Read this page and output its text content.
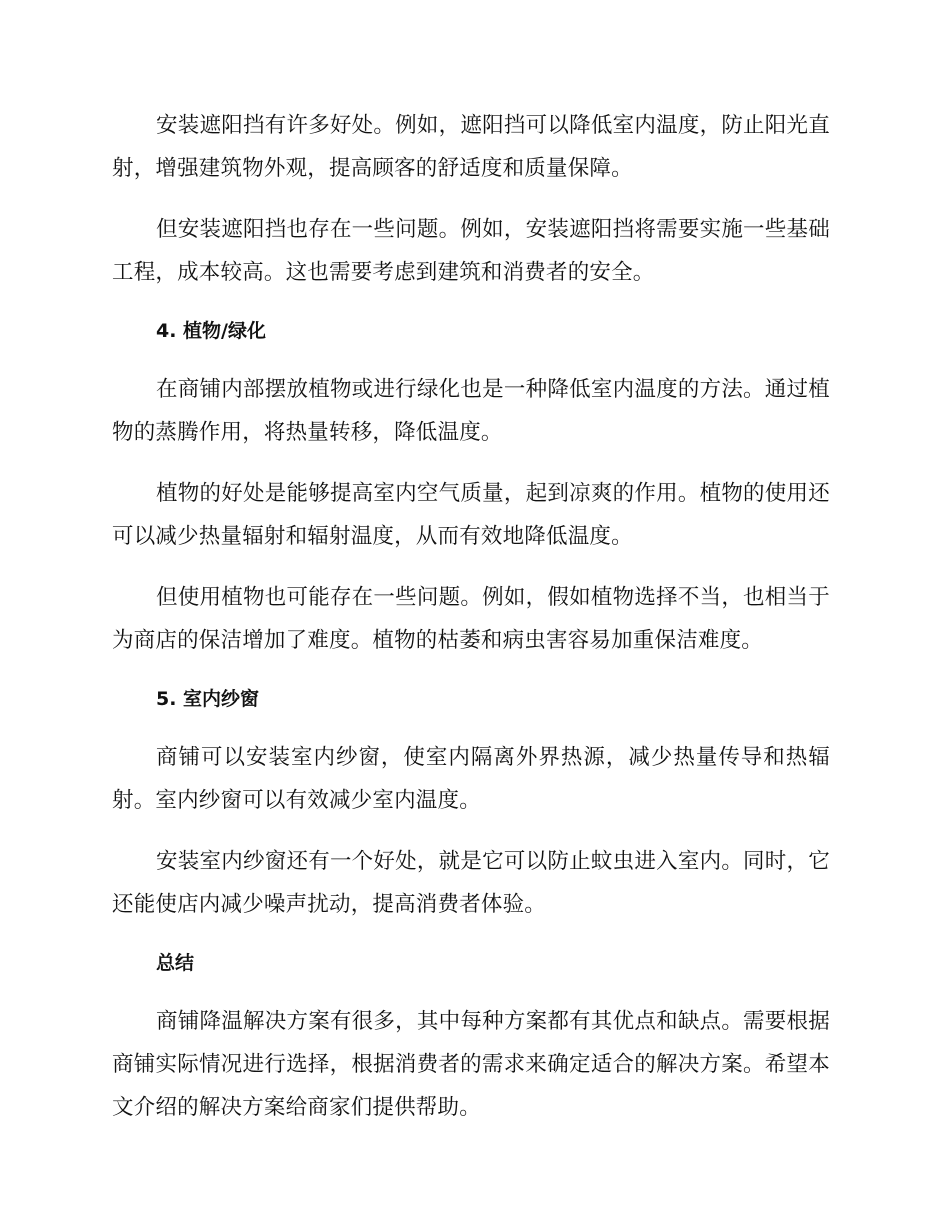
安装遮阳挡有许多好处。例如，遮阳挡可以降低室内温度，防止阳光直射，增强建筑物外观，提高顾客的舒适度和质量保障。

但安装遮阳挡也存在一些问题。例如，安装遮阳挡将需要实施一些基础工程，成本较高。这也需要考虑到建筑和消费者的安全。

4. 植物/绿化

在商铺内部摆放植物或进行绿化也是一种降低室内温度的方法。通过植物的蒸腾作用，将热量转移，降低温度。

植物的好处是能够提高室内空气质量，起到凉爽的作用。植物的使用还可以减少热量辐射和辐射温度，从而有效地降低温度。

但使用植物也可能存在一些问题。例如，假如植物选择不当，也相当于为商店的保洁增加了难度。植物的枯萎和病虫害容易加重保洁难度。

5. 室内纱窗

商铺可以安装室内纱窗，使室内隔离外界热源，减少热量传导和热辐射。室内纱窗可以有效减少室内温度。

安装室内纱窗还有一个好处，就是它可以防止蚊虫进入室内。同时，它还能使店内减少噪声扰动，提高消费者体验。

总结

商铺降温解决方案有很多，其中每种方案都有其优点和缺点。需要根据商铺实际情况进行选择，根据消费者的需求来确定适合的解决方案。希望本文介绍的解决方案给商家们提供帮助。
